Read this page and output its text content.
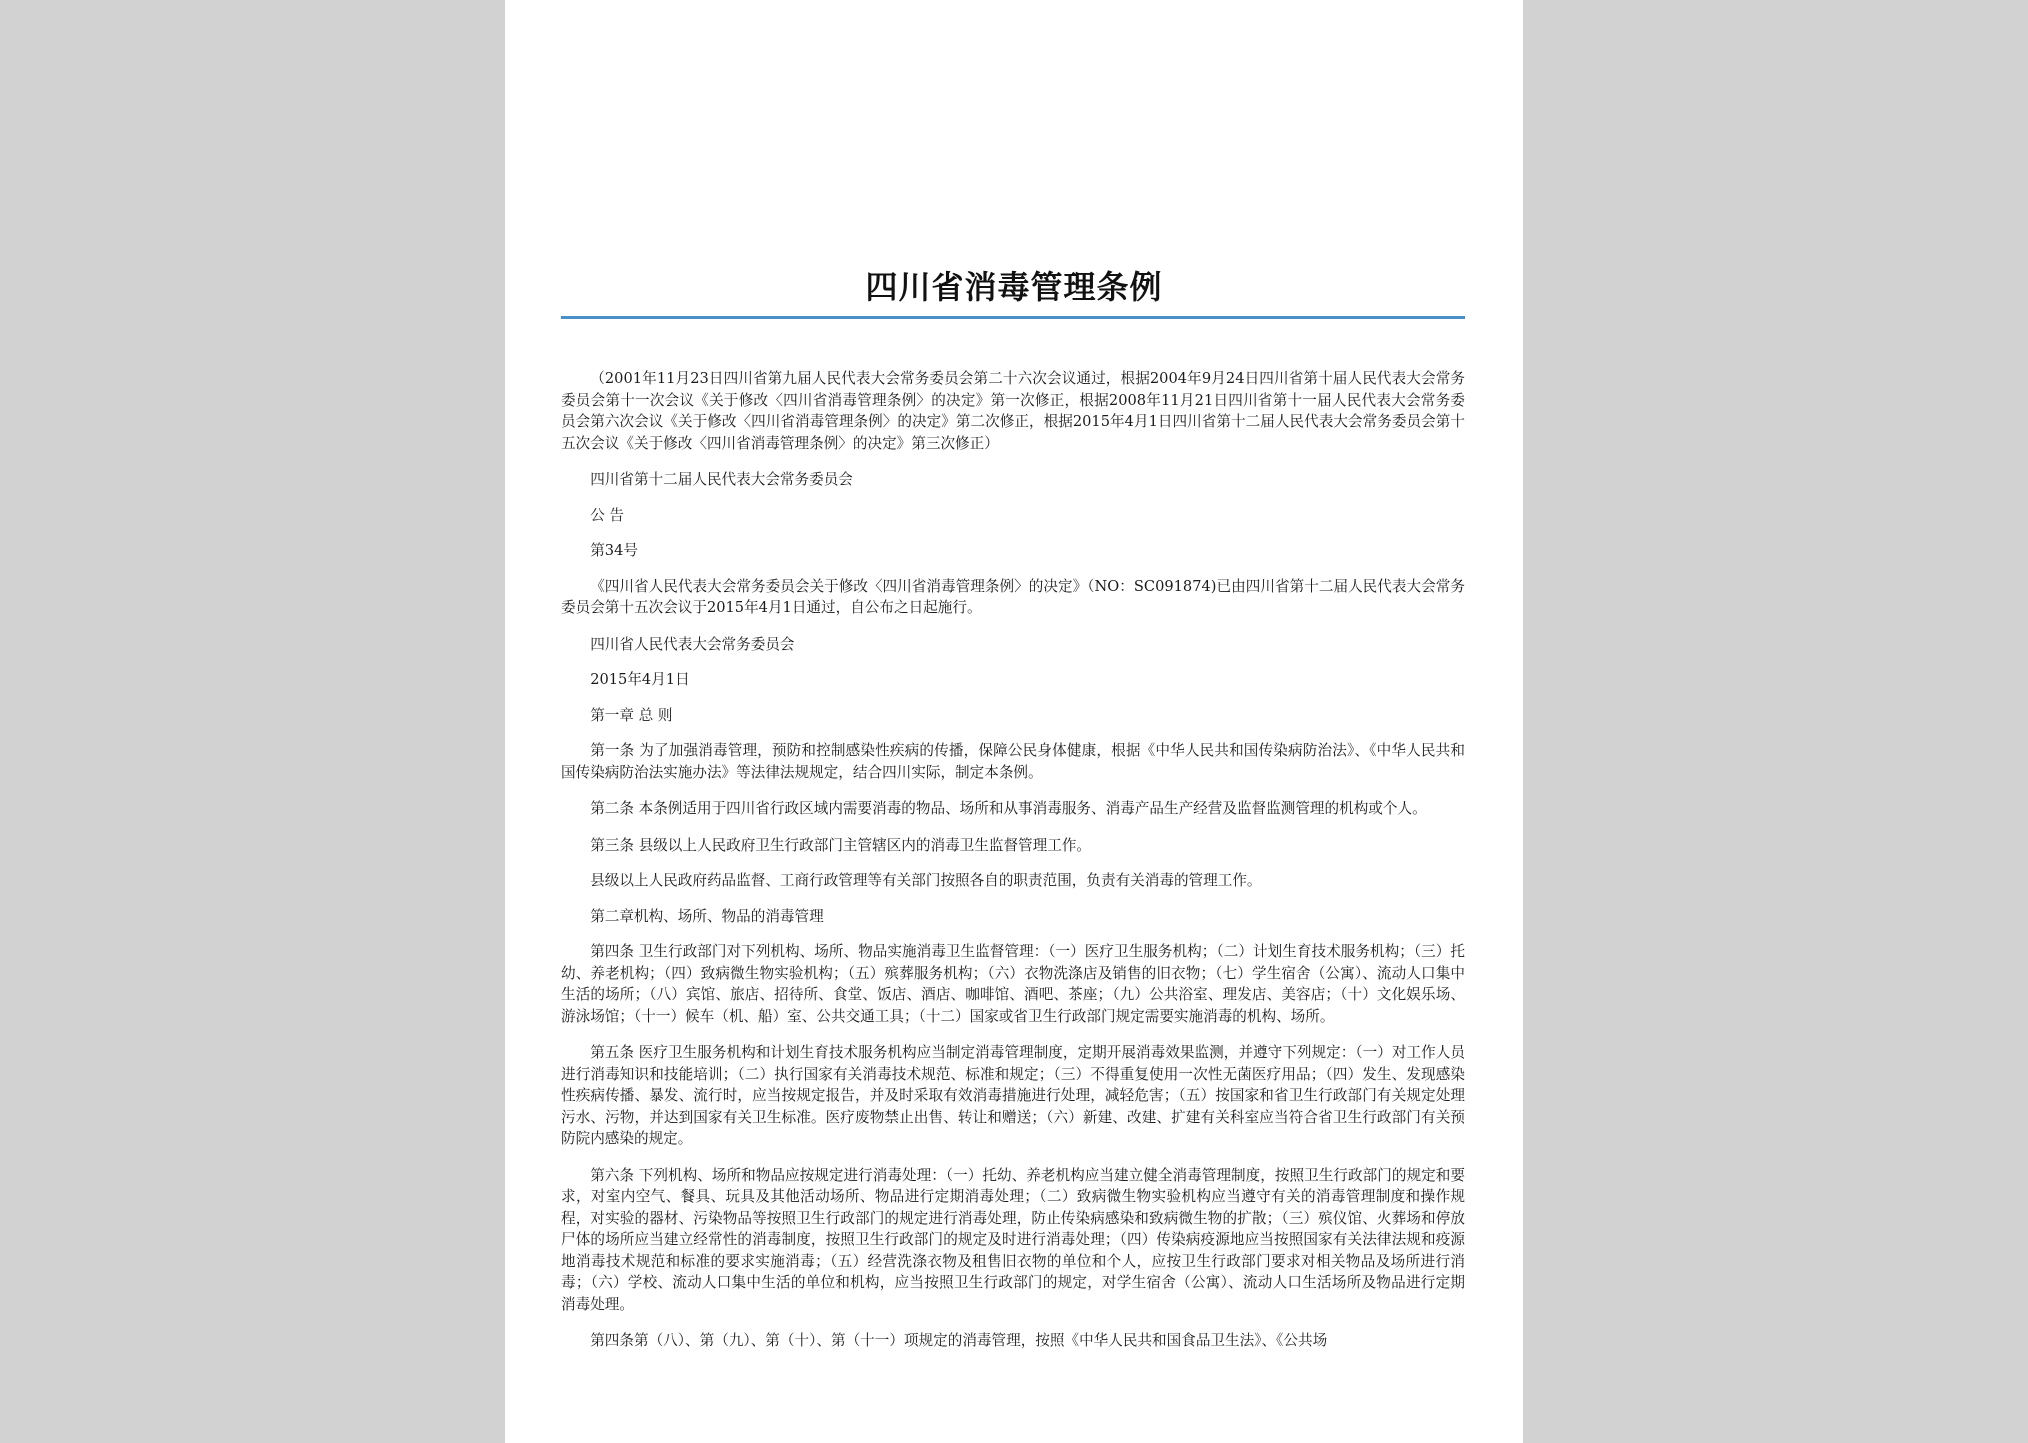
四川省消毒管理条例

（2001年11月23日四川省第九届人民代表大会常务委员会第二十六次会议通过，根据2004年9月24日四川省第十届人民代表大会常务委员会第十一次会议《关于修改〈四川省消毒管理条例〉的决定》第一次修正，根据2008年11月21日四川省第十一届人民代表大会常务委员会第六次会议《关于修改〈四川省消毒管理条例〉的决定》第二次修正，根据2015年4月1日四川省第十二届人民代表大会常务委员会第十五次会议《关于修改〈四川省消毒管理条例〉的决定》第三次修正）

四川省第十二届人民代表大会常务委员会

公 告

第34号

《四川省人民代表大会常务委员会关于修改〈四川省消毒管理条例〉的决定》（NO：SC091874)已由四川省第十二届人民代表大会常务委员会第十五次会议于2015年4月1日通过，自公布之日起施行。

四川省人民代表大会常务委员会

2015年4月1日

第一章 总 则

第一条 为了加强消毒管理，预防和控制感染性疾病的传播，保障公民身体健康，根据《中华人民共和国传染病防治法》、《中华人民共和国传染病防治法实施办法》等法律法规规定，结合四川实际，制定本条例。

第二条 本条例适用于四川省行政区域内需要消毒的物品、场所和从事消毒服务、消毒产品生产经营及监督监测管理的机构或个人。

第三条 县级以上人民政府卫生行政部门主管辖区内的消毒卫生监督管理工作。

县级以上人民政府药品监督、工商行政管理等有关部门按照各自的职责范围，负责有关消毒的管理工作。

第二章机构、场所、物品的消毒管理

第四条 卫生行政部门对下列机构、场所、物品实施消毒卫生监督管理：（一）医疗卫生服务机构；（二）计划生育技术服务机构；（三）托幼、养老机构；（四）致病微生物实验机构；（五）殡葬服务机构；（六）衣物洗涤店及销售的旧衣物；（七）学生宿舍（公寓）、流动人口集中生活的场所；（八）宾馆、旅店、招待所、食堂、饭店、酒店、咖啡馆、酒吧、茶座；（九）公共浴室、理发店、美容店；（十）文化娱乐场、游泳场馆；（十一）候车（机、船）室、公共交通工具；（十二）国家或省卫生行政部门规定需要实施消毒的机构、场所。

第五条 医疗卫生服务机构和计划生育技术服务机构应当制定消毒管理制度，定期开展消毒效果监测，并遵守下列规定：（一）对工作人员进行消毒知识和技能培训；（二）执行国家有关消毒技术规范、标准和规定；（三）不得重复使用一次性无菌医疗用品；（四）发生、发现感染性疾病传播、暴发、流行时，应当按规定报告，并及时采取有效消毒措施进行处理，减轻危害；（五）按国家和省卫生行政部门有关规定处理污水、污物，并达到国家有关卫生标准。医疗废物禁止出售、转让和赠送；（六）新建、改建、扩建有关科室应当符合省卫生行政部门有关预防院内感染的规定。

第六条 下列机构、场所和物品应按规定进行消毒处理：（一）托幼、养老机构应当建立健全消毒管理制度，按照卫生行政部门的规定和要求，对室内空气、餐具、玩具及其他活动场所、物品进行定期消毒处理；（二）致病微生物实验机构应当遵守有关的消毒管理制度和操作规程，对实验的器材、污染物品等按照卫生行政部门的规定进行消毒处理，防止传染病感染和致病微生物的扩散；（三）殡仪馆、火葬场和停放尸体的场所应当建立经常性的消毒制度，按照卫生行政部门的规定及时进行消毒处理；（四）传染病疫源地应当按照国家有关法律法规和疫源地消毒技术规范和标准的要求实施消毒；（五）经营洗涤衣物及租售旧衣物的单位和个人，应按卫生行政部门要求对相关物品及场所进行消毒；（六）学校、流动人口集中生活的单位和机构，应当按照卫生行政部门的规定，对学生宿舍（公寓）、流动人口生活场所及物品进行定期消毒处理。

第四条第（八）、第（九）、第（十）、第（十一）项规定的消毒管理，按照《中华人民共和国食品卫生法》、《公共场
